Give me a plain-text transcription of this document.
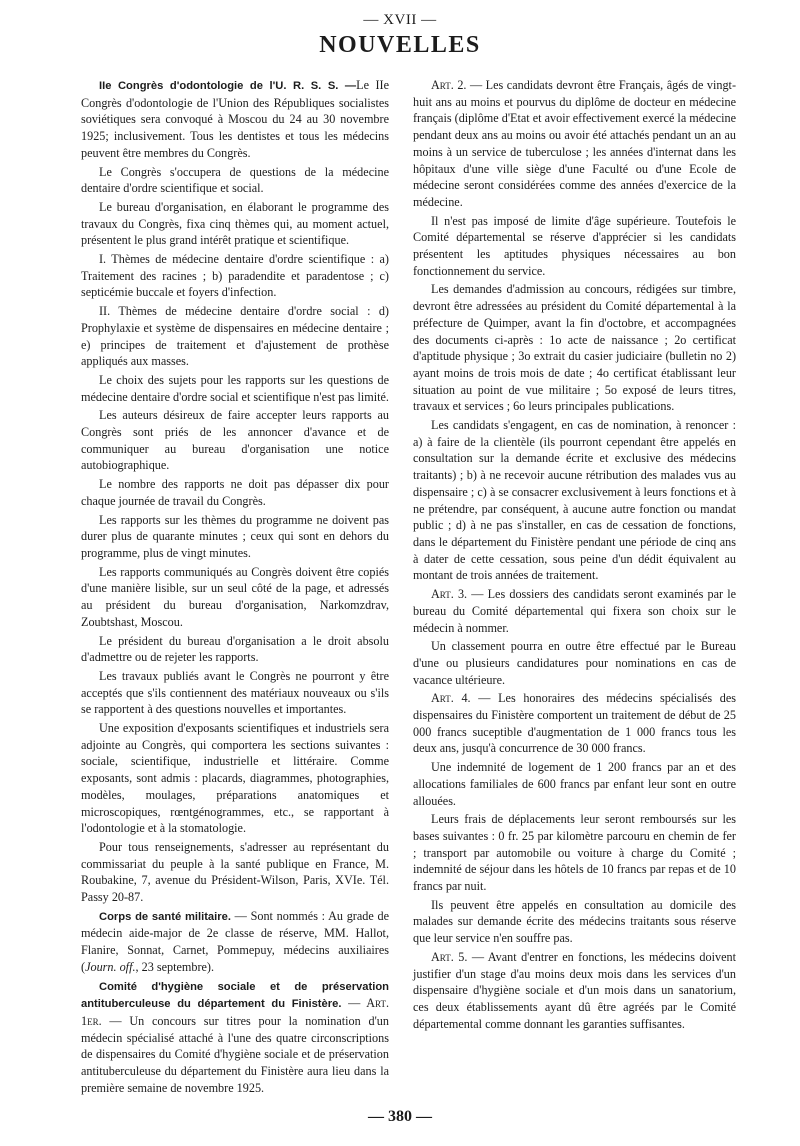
— XVII —
NOUVELLES

IIe Congrès d'odontologie de l'U. R. S. S. —Le IIe Congrès d'odontologie de l'Union des Républiques socialistes soviétiques sera convoqué à Moscou du 24 au 30 novembre 1925; inclusivement. Tous les dentistes et tous les médecins peuvent être membres du Congrès.

Le Congrès s'occupera de questions de la médecine dentaire d'ordre scientifique et social.

Le bureau d'organisation, en élaborant le programme des travaux du Congrès, fixa cinq thèmes qui, au moment actuel, présentent le plus grand intérêt pratique et scientifique.

I. Thèmes de médecine dentaire d'ordre scientifique : a) Traitement des racines ; b) paradendite et paradentose ; c) septicémie buccale et foyers d'infection.

II. Thèmes de médecine dentaire d'ordre social : d) Prophylaxie et système de dispensaires en médecine dentaire ; e) principes de traitement et d'ajustement de prothèse appliqués aux masses.

Le choix des sujets pour les rapports sur les questions de médecine dentaire d'ordre social et scientifique n'est pas limité.

Les auteurs désireux de faire accepter leurs rapports au Congrès sont priés de les annoncer d'avance et de communiquer au bureau d'organisation une notice autobiographique.

Le nombre des rapports ne doit pas dépasser dix pour chaque journée de travail du Congrès.

Les rapports sur les thèmes du programme ne doivent pas durer plus de quarante minutes ; ceux qui sont en dehors du programme, plus de vingt minutes.

Les rapports communiqués au Congrès doivent être copiés d'une manière lisible, sur un seul côté de la page, et adressés au président du bureau d'organisation, Narkomzdrav, Zoubtshast, Moscou.

Le président du bureau d'organisation a le droit absolu d'admettre ou de rejeter les rapports.

Les travaux publiés avant le Congrès ne pourront y être acceptés que s'ils contiennent des matériaux nouveaux ou s'ils se rapportent à des questions nouvelles et importantes.

Une exposition d'exposants scientifiques et industriels sera adjointe au Congrès, qui comportera les sections suivantes : sociale, scientifique, industrielle et littéraire. Comme exposants, sont admis : placards, diagrammes, photographies, modèles, moulages, préparations anatomiques et microscopiques, rœntgénogrammes, etc., se rapportant à l'odontologie et à la stomatologie.

Pour tous renseignements, s'adresser au représentant du commissariat du peuple à la santé publique en France, M. Roubakine, 7, avenue du Président-Wilson, Paris, XVIe. Tél. Passy 20-87.

Corps de santé militaire. — Sont nommés : Au grade de médecin aide-major de 2e classe de réserve, MM. Hallot, Flanire, Sonnat, Carnet, Pommepuy, médecins auxiliaires (Journ. off., 23 septembre).

Comité d'hygiène sociale et de préservation antituberculeuse du département du Finistère. — Art. 1er. — Un concours sur titres pour la nomination d'un médecin spécialisé attaché à l'une des quatre circonscriptions de dispensaires du Comité d'hygiène sociale et de préservation antituberculeuse du département du Finistère aura lieu dans la première semaine de novembre 1925.

Art. 2. — Les candidats devront être Français, âgés de vingt-huit ans au moins et pourvus du diplôme de docteur en médecine français (diplôme d'Etat et avoir effectivement exercé la médecine pendant deux ans au moins ou avoir été attachés pendant un an au moins à un service de tuberculose ; les années d'internat dans les hôpitaux d'une ville siège d'une Faculté ou d'une Ecole de médecine seront considérées comme des années d'exercice de la médecine.

Il n'est pas imposé de limite d'âge supérieure. Toutefois le Comité départemental se réserve d'apprécier si les candidats présentent les aptitudes physiques nécessaires au bon fonctionnement du service.

Les demandes d'admission au concours, rédigées sur timbre, devront être adressées au président du Comité départemental à la préfecture de Quimper, avant la fin d'octobre, et accompagnées des documents ci-après : 1o acte de naissance ; 2o certificat d'aptitude physique ; 3o extrait du casier judiciaire (bulletin no 2) ayant moins de trois mois de date ; 4o certificat établissant leur situation au point de vue militaire ; 5o exposé de leurs titres, travaux et services ; 6o leurs principales publications.

Les candidats s'engagent, en cas de nomination, à renoncer : a) à faire de la clientèle (ils pourront cependant être appelés en consultation sur la demande écrite et exclusive des médecins traitants) ; b) à ne recevoir aucune rétribution des malades vus au dispensaire ; c) à se consacrer exclusivement à leurs fonctions et à ne prétendre, par conséquent, à aucune autre fonction ou mandat public ; d) à ne pas s'installer, en cas de cessation de fonctions, dans le département du Finistère pendant une période de cinq ans à dater de cette cessation, sous peine d'un dédit équivalent au montant de trois années de traitement.

Art. 3. — Les dossiers des candidats seront examinés par le bureau du Comité départemental qui fixera son choix sur le médecin à nommer.

Un classement pourra en outre être effectué par le Bureau d'une ou plusieurs candidatures pour nominations en cas de vacance ultérieure.

Art. 4. — Les honoraires des médecins spécialisés des dispensaires du Finistère comportent un traitement de début de 25 000 francs suceptible d'augmentation de 1 000 francs tous les deux ans, jusqu'à concurrence de 30 000 francs.

Une indemnité de logement de 1 200 francs par an et des allocations familiales de 600 francs par enfant leur sont en outre allouées.

Leurs frais de déplacements leur seront remboursés sur les bases suivantes : 0 fr. 25 par kilomètre parcouru en chemin de fer ; transport par automobile ou voiture à charge du Comité ; indemnité de séjour dans les hôtels de 10 francs par repas et de 10 francs par nuit.

Ils peuvent être appelés en consultation au domicile des malades sur demande écrite des médecins traitants sous réserve que leur service n'en souffre pas.

Art. 5. — Avant d'entrer en fonctions, les médecins doivent justifier d'un stage d'au moins deux mois dans les services d'un dispensaire d'hygiène sociale et d'un mois dans un sanatorium, ces deux établissements ayant dû être agréés par le Comité départemental comme donnant les garanties suffisantes.

— 380 —
